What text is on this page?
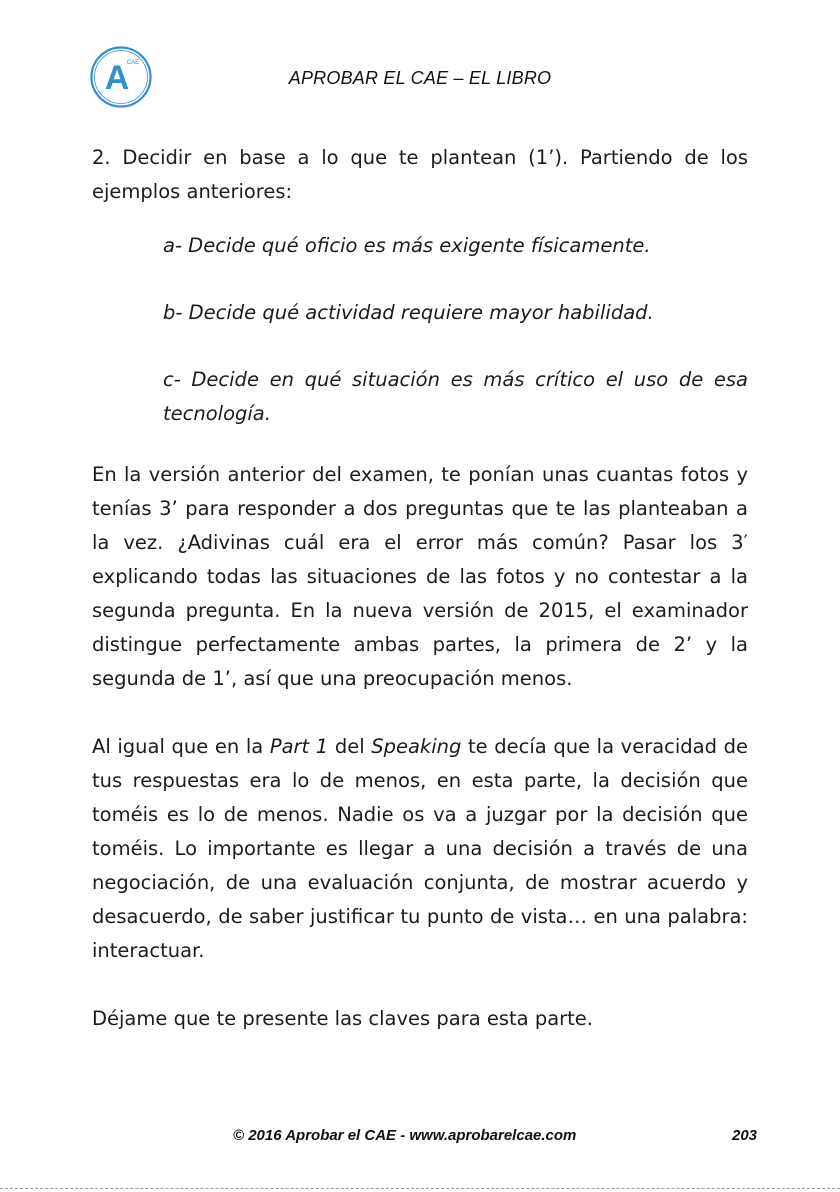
A
CAE
APROBAR EL CAE – EL LIBRO

2. Decidir en base a lo que te plantean (1’). Partiendo de los ejemplos anteriores:

a- Decide qué oficio es más exigente físicamente.

b- Decide qué actividad requiere mayor habilidad.

c- Decide en qué situación es más crítico el uso de esa tecnología.

En la versión anterior del examen, te ponían unas cuantas fotos y tenías 3’ para responder a dos preguntas que te las planteaban a la vez. ¿Adivinas cuál era el error más común? Pasar los 3′ explicando todas las situaciones de las fotos y no contestar a la segunda pregunta. En la nueva versión de 2015, el examinador distingue perfectamente ambas partes, la primera de 2’ y la segunda de 1’, así que una preocupación menos.

Al igual que en la Part 1 del Speaking te decía que la veracidad de tus respuestas era lo de menos, en esta parte, la decisión que toméis es lo de menos. Nadie os va a juzgar por la decisión que toméis. Lo importante es llegar a una decisión a través de una negociación, de una evaluación conjunta, de mostrar acuerdo y desacuerdo, de saber justificar tu punto de vista… en una palabra: interactuar.

Déjame que te presente las claves para esta parte.

© 2016 Aprobar el CAE - www.aprobarelcae.com	203
